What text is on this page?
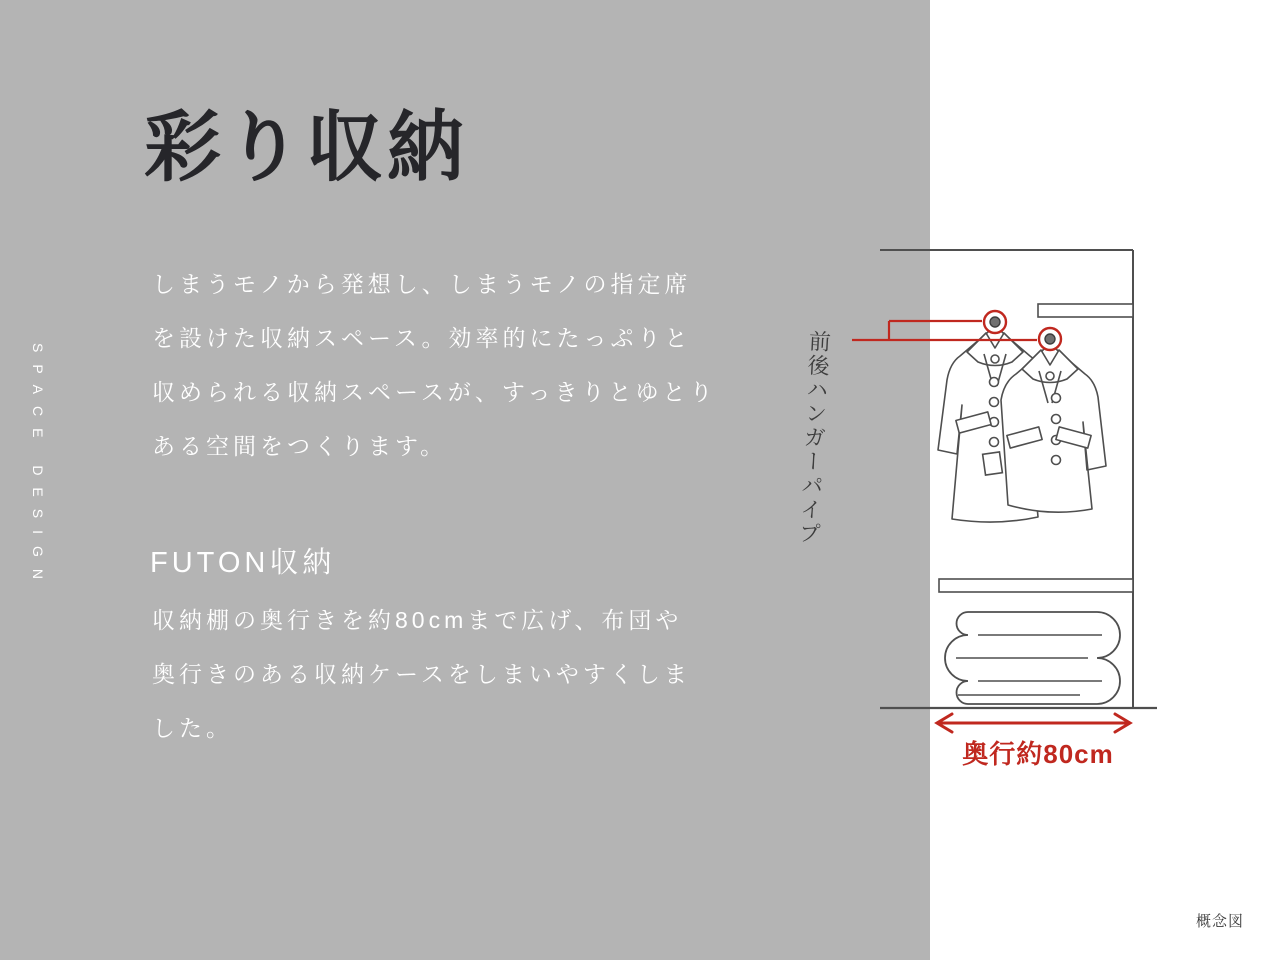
SPACE DESIGN
彩り収納
しまうモノから発想し、しまうモノの指定席
を設けた収納スペース。効率的にたっぷりと
収められる収納スペースが、すっきりとゆとり
ある空間をつくります。
FUTON収納
収納棚の奥行きを約80cmまで広げ、布団や
奥行きのある収納ケースをしまいやすくしま
した。
前後ハンガーパイプ
奥行約80cm
概念図
